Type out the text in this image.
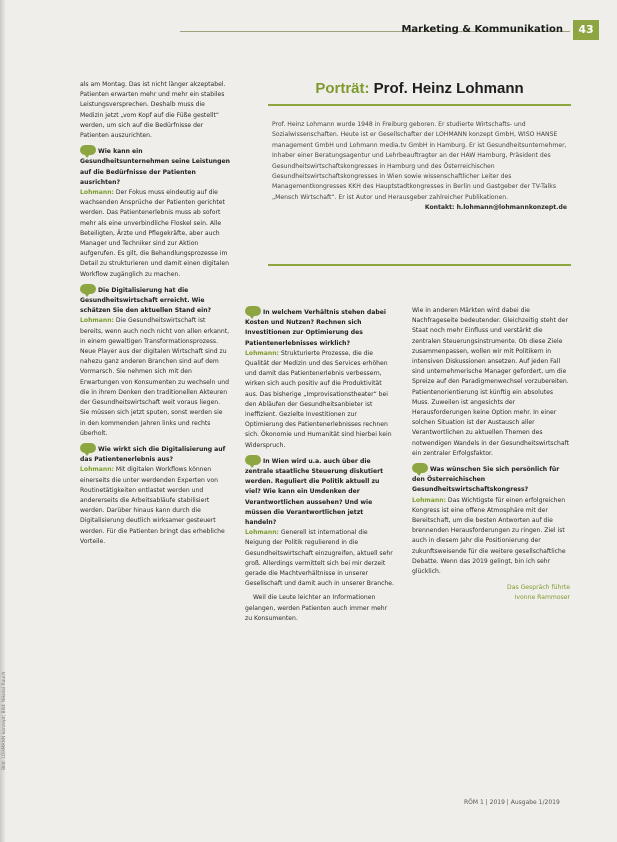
Marketing & Kommunikation	43

als am Montag. Das ist nicht länger akzeptabel. Patienten erwarten mehr und mehr ein stabiles Leistungsversprechen. Deshalb muss die Medizin jetzt „vom Kopf auf die Füße gestellt“ werden, um sich auf die Bedürfnisse der Patienten auszurichten.

Wie kann ein Gesundheitsunternehmen seine Leistungen auf die Bedürfnisse der Patienten ausrichten?
Lohmann: Der Fokus muss eindeutig auf die wachsenden Ansprüche der Patienten gerichtet werden. Das Patientenerlebnis muss ab sofort mehr als eine unverbindliche Floskel sein. Alle Beteiligten, Ärzte und Pflegekräfte, aber auch Manager und Techniker sind zur Aktion aufgerufen. Es gilt, die Behandlungsprozesse im Detail zu strukturieren und damit einen digitalen Workflow zugänglich zu machen.

Die Digitalisierung hat die Gesundheitswirtschaft erreicht. Wie schätzen Sie den aktuellen Stand ein?
Lohmann: Die Gesundheitswirtschaft ist bereits, wenn auch noch nicht von allen erkannt, in einem gewaltigen Transformationsprozess. Neue Player aus der digitalen Wirtschaft sind zu nahezu ganz anderen Branchen sind auf dem Vormarsch. Sie nehmen sich mit den Erwartungen von Konsumenten zu wechseln und die in ihrem Denken den traditionellen Akteuren der Gesundheitswirtschaft weit voraus liegen. Sie müssen sich jetzt sputen, sonst werden sie in den kommenden Jahren links und rechts überholt.

Wie wirkt sich die Digitalisierung auf das Patientenerlebnis aus?
Lohmann: Mit digitalen Workflows können einerseits die unter werdenden Experten von Routinetätigkeiten entlastet werden und andererseits die Arbeitsabläufe stabilisiert werden. Darüber hinaus kann durch die Digitalisierung deutlich wirksamer gesteuert werden. Für die Patienten bringt das erhebliche Vorteile.

Porträt: Prof. Heinz Lohmann
Prof. Heinz Lohmann wurde 1948 in Freiburg geboren. Er studierte Wirtschafts- und Sozialwissenschaften. Heute ist er Gesellschafter der LOHMANN konzept GmbH, WISO HANSE management GmbH und Lohmann media.tv GmbH in Hamburg. Er ist Gesundheitsunternehmer, Inhaber einer Beratungsagentur und Lehrbeauftragter an der HAW Hamburg, Präsident des Gesundheitswirtschaftskongresses in Hamburg und des Österreichischen Gesundheitswirtschaftskongresses in Wien sowie wissenschaftlicher Leiter des Managementkongresses KKH des Hauptstadtkongresses in Berlin und Gastgeber der TV-Talks „Mensch Wirtschaft“. Er ist Autor und Herausgeber zahlreicher Publikationen.
Kontakt: h.lohmann@lohmannkonzept.de

In welchem Verhältnis stehen dabei Kosten und Nutzen? Rechnen sich Investitionen zur Optimierung des Patientenerlebnisses wirklich?
Lohmann: Strukturierte Prozesse, die die Qualität der Medizin und des Services erhöhen und damit das Patientenerlebnis verbessern, wirken sich auch positiv auf die Produktivität aus. Das bisherige „Improvisationstheater“ bei den Abläufen der Gesundheitsanbieter ist ineffizient. Gezielte Investitionen zur Optimierung des Patientenerlebnisses rechnen sich. Ökonomie und Humanität sind hierbei kein Widerspruch.

In Wien wird u.a. auch über die zentrale staatliche Steuerung diskutiert werden. Reguliert die Politik aktuell zu viel? Wie kann ein Umdenken der Verantwortlichen aussehen? Und wie müssen die Verantwortlichen jetzt handeln?
Lohmann: Generell ist international die Neigung der Politik regulierend in die Gesundheitswirtschaft einzugreifen, aktuell sehr groß. Allerdings vermittelt sich bei mir derzeit gerade die Machtverhältnisse in unserer Gesellschaft und damit auch in unserer Branche.

Weil die Leute leichter an Informationen gelangen, werden Patienten auch immer mehr zu Konsumenten.

Wie in anderen Märkten wird dabei die Nachfrageseite bedeutender. Gleichzeitig steht der Staat noch mehr Einfluss und verstärkt die zentralen Steuerungsinstrumente. Ob diese Ziele zusammenpassen, wollen wir mit Politikern in intensiven Diskussionen ansetzen. Auf jeden Fall sind unternehmerische Manager gefordert, um die Spreize auf den Paradigmenwechsel vorzubereiten. Patientenorientierung ist künftig ein absolutes Muss. Zuweilen ist angesichts der Herausforderungen keine Option mehr. In einer solchen Situation ist der Austausch aller Verantwortlichen zu aktuellen Themen des notwendigen Wandels in der Gesundheitswirtschaft ein zentraler Erfolgsfaktor.

Was wünschen Sie sich persönlich für den Österreichischen Gesundheitswirtschaftskongress?
Lohmann: Das Wichtigste für einen erfolgreichen Kongress ist eine offene Atmosphäre mit der Bereitschaft, um die besten Antworten auf die brennenden Herausforderungen zu ringen. Ziel ist auch in diesem Jahr die Positionierung der zukunftsweisende für die weitere gesellschaftliche Debatte. Wenn das 2019 gelingt, bin ich sehr glücklich.

Das Gespräch führte
Ivonne Rammoser
RÖM 1 | 2019 | Ausgabe 1/2019
Bild: LOHMANN konzept; Bild: Nikolai Rauch
